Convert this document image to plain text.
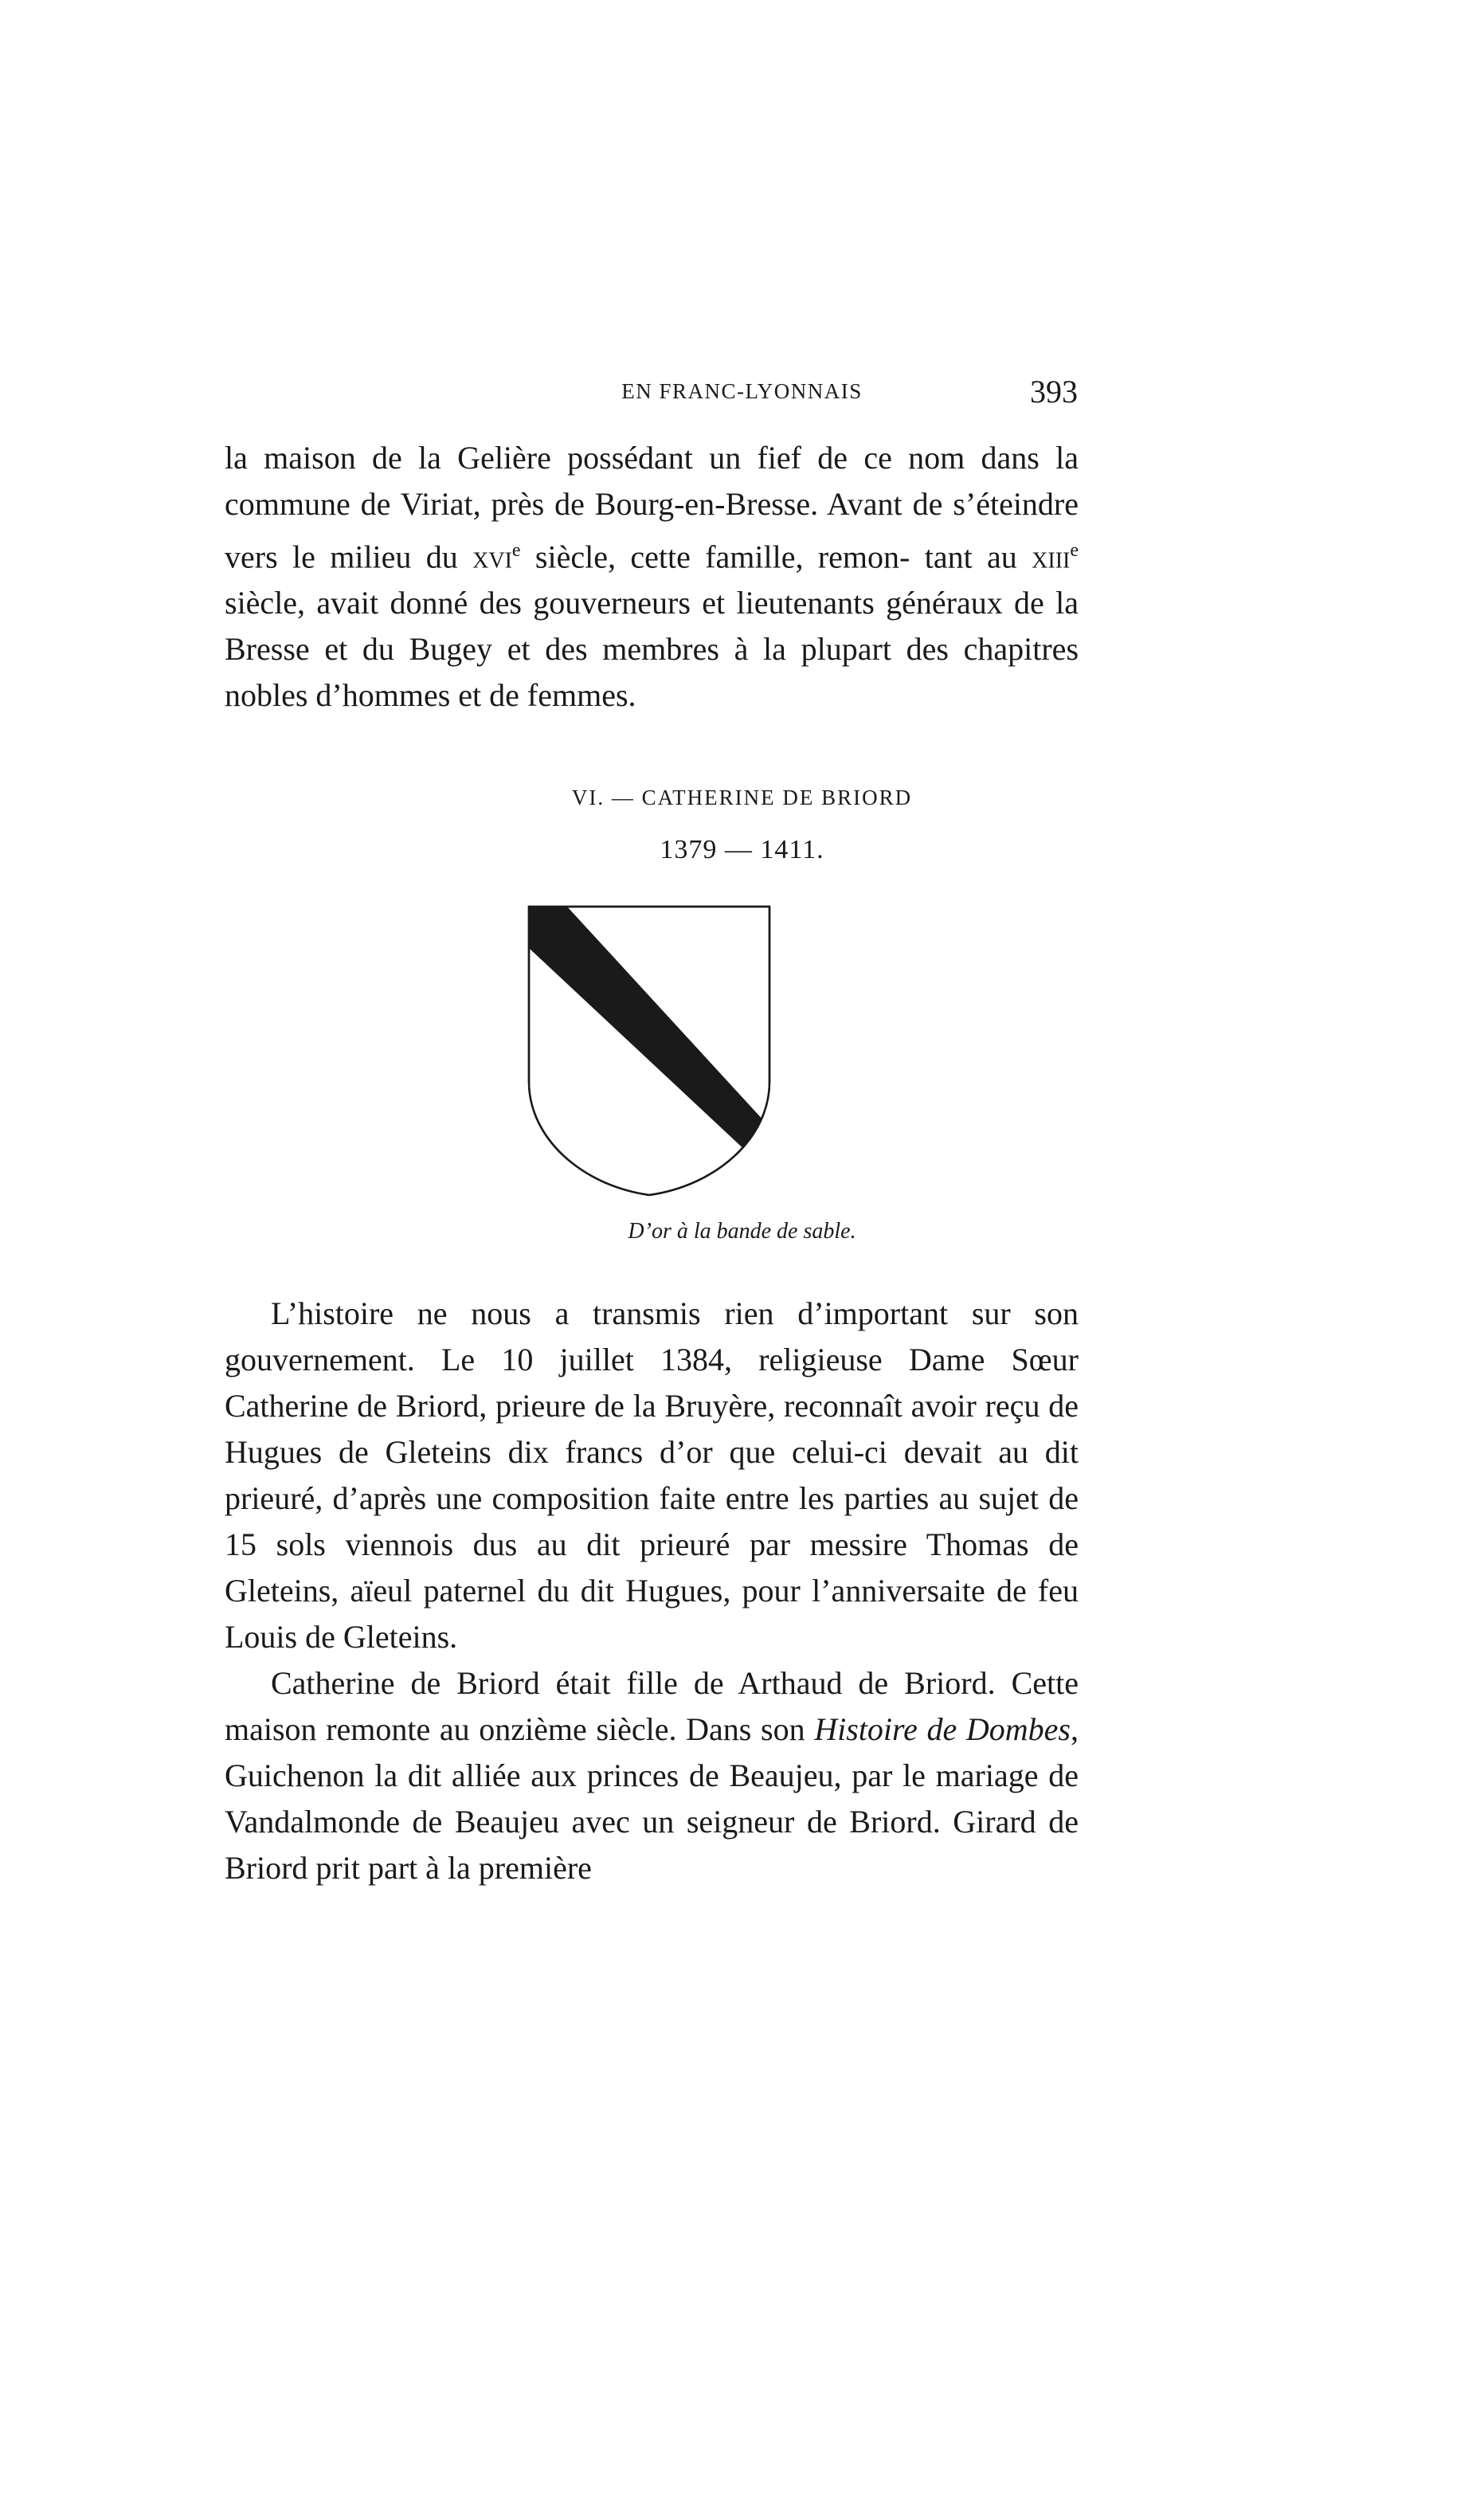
EN FRANC-LYONNAIS	393

la maison de la Gelière possédant un fief de ce nom dans la commune de Viriat, près de Bourg-en-Bresse. Avant de s’éteindre vers le milieu du xvi$^e$ siècle, cette famille, remon- tant au xiii$^e$ siècle, avait donné des gouverneurs et lieutenants généraux de la Bresse et du Bugey et des membres à la plupart des chapitres nobles d’hommes et de femmes.

VI. — CATHERINE DE BRIORD
1379 — 1411.
D’or à la bande de sable.

L’histoire ne nous a transmis rien d’important sur son gouvernement. Le 10 juillet 1384, religieuse Dame Sœur Catherine de Briord, prieure de la Bruyère, reconnaît avoir reçu de Hugues de Gleteins dix francs d’or que celui-ci devait au dit prieuré, d’après une composition faite entre les parties au sujet de 15 sols viennois dus au dit prieuré par messire Thomas de Gleteins, aïeul paternel du dit Hugues, pour l’anniversaite de feu Louis de Gleteins.

Catherine de Briord était fille de Arthaud de Briord. Cette maison remonte au onzième siècle. Dans son Histoire de Dombes, Guichenon la dit alliée aux princes de Beaujeu, par le mariage de Vandalmonde de Beaujeu avec un seigneur de Briord. Girard de Briord prit part à la première
